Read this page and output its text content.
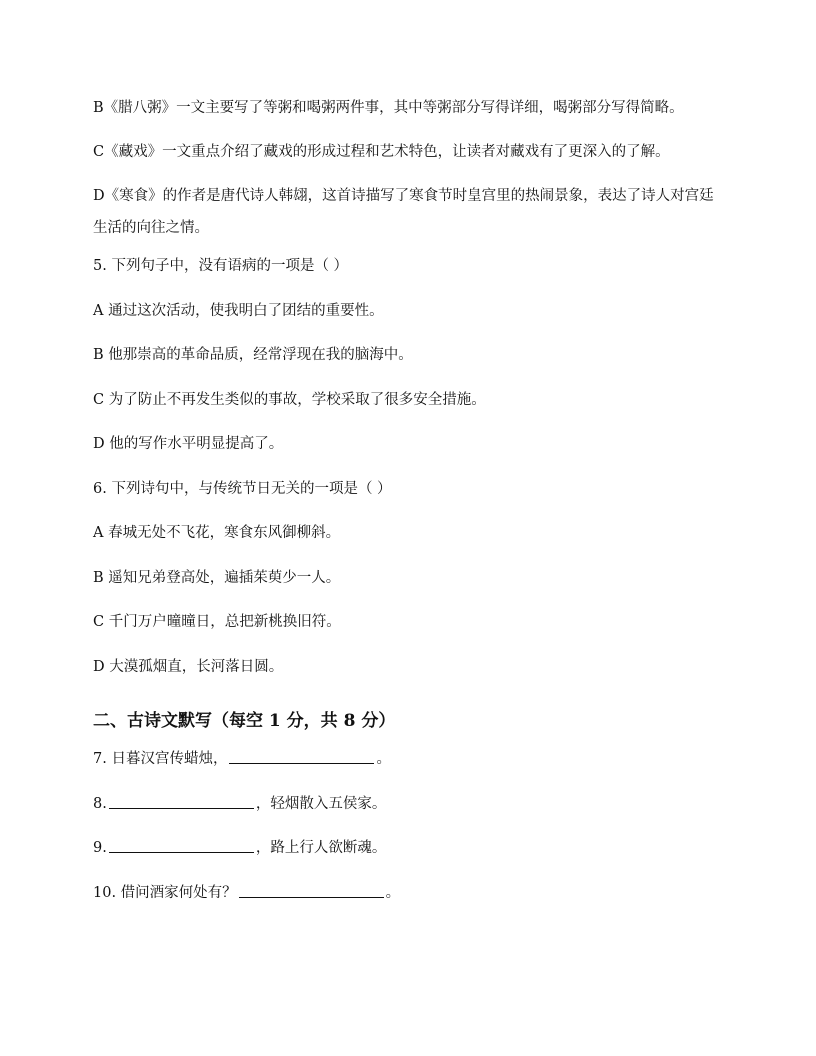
B《腊八粥》一文主要写了等粥和喝粥两件事，其中等粥部分写得详细，喝粥部分写得简略。

C《藏戏》一文重点介绍了藏戏的形成过程和艺术特色，让读者对藏戏有了更深入的了解。

D《寒食》的作者是唐代诗人韩翃，这首诗描写了寒食节时皇宫里的热闹景象，表达了诗人对宫廷生活的向往之情。

5. 下列句子中，没有语病的一项是（ ）
A 通过这次活动，使我明白了团结的重要性。
B 他那崇高的革命品质，经常浮现在我的脑海中。
C 为了防止不再发生类似的事故，学校采取了很多安全措施。
D 他的写作水平明显提高了。
6. 下列诗句中，与传统节日无关的一项是（ ）
A 春城无处不飞花，寒食东风御柳斜。
B 遥知兄弟登高处，遍插茱萸少一人。
C 千门万户曈曈日，总把新桃换旧符。
D 大漠孤烟直，长河落日圆。
二、古诗文默写（每空 1 分，共 8 分）
7. 日暮汉宫传蜡烛，	。
8.	，轻烟散入五侯家。
9.	，路上行人欲断魂。
10. 借问酒家何处有？	。
